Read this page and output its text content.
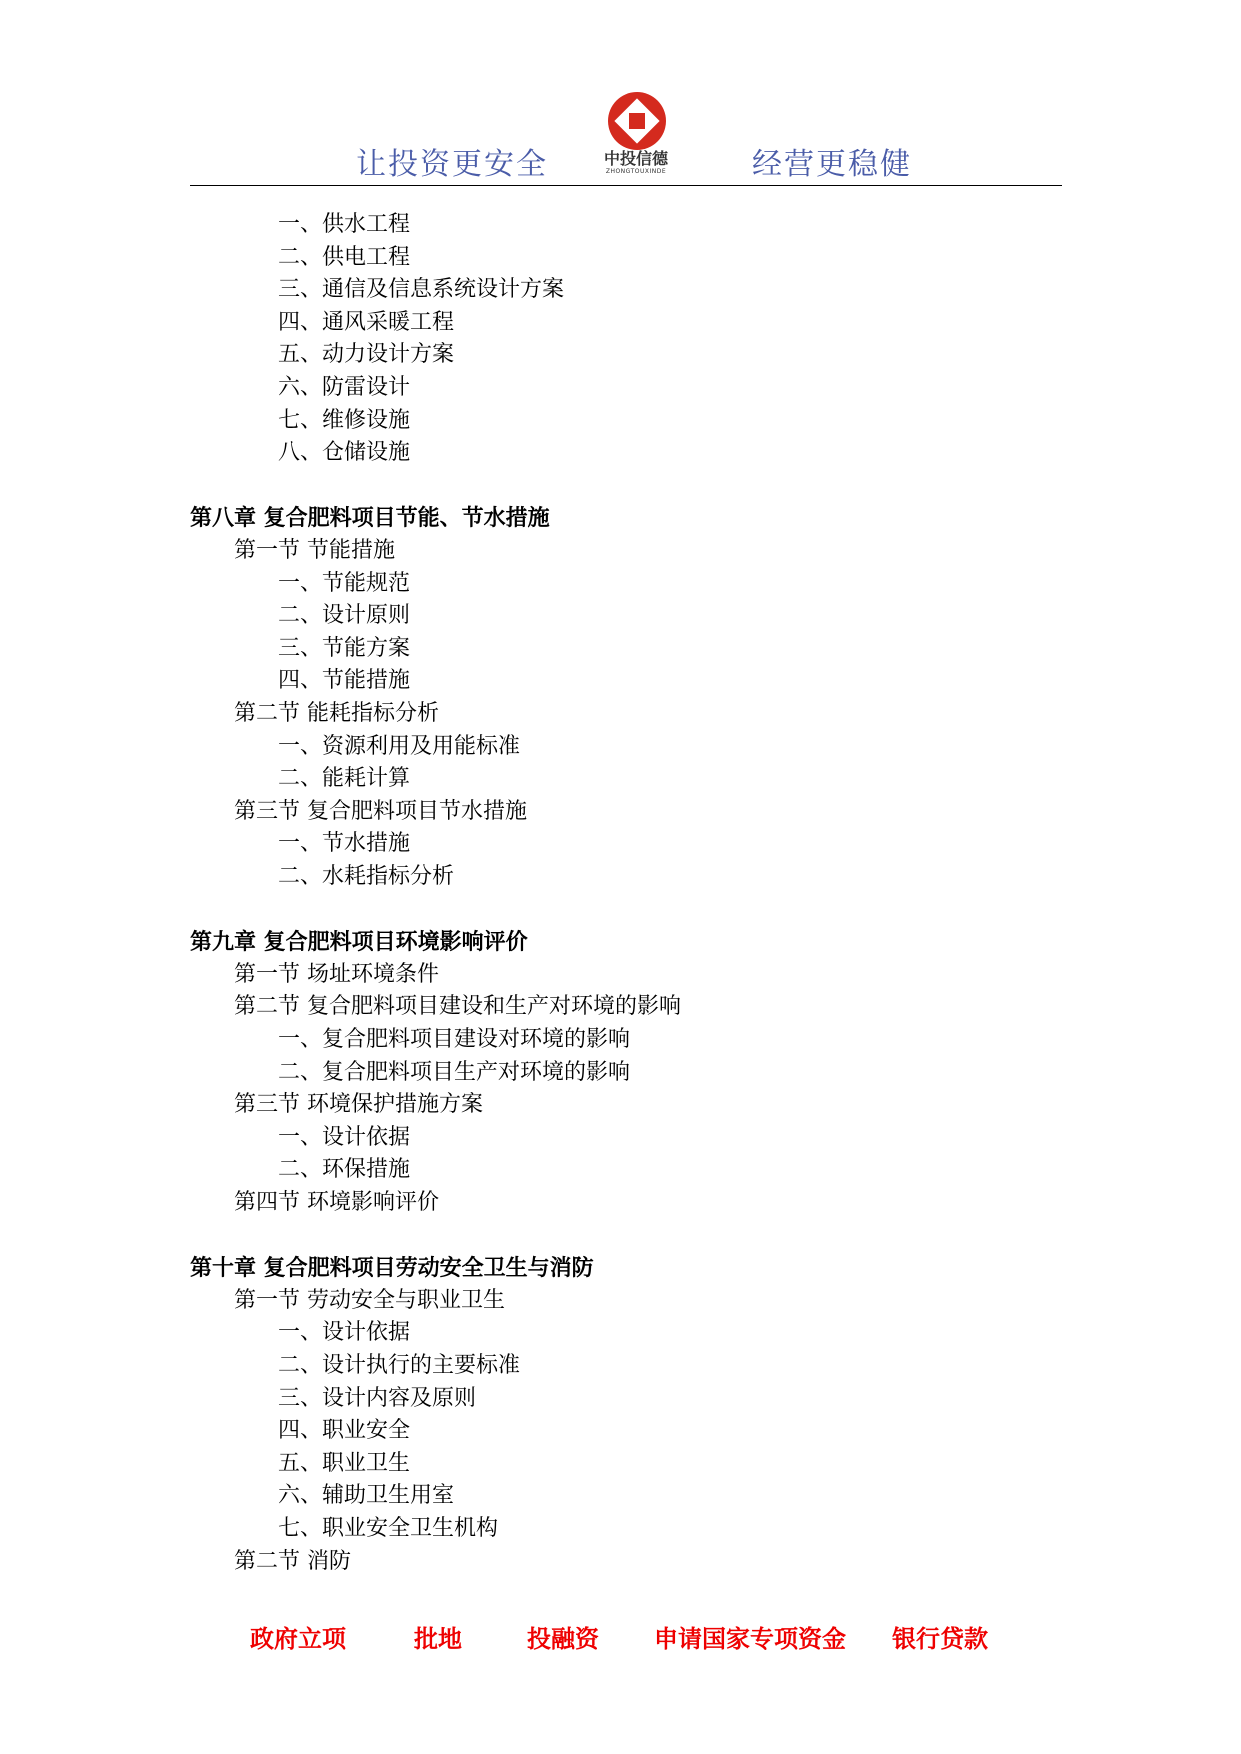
让投资更安全	中投信德
ZHONGTOUXINDE	经营更稳健
一、供水工程
二、供电工程
三、通信及信息系统设计方案
四、通风采暖工程
五、动力设计方案
六、防雷设计
七、维修设施
八、仓储设施
第八章 复合肥料项目节能、节水措施
第一节 节能措施
一、节能规范
二、设计原则
三、节能方案
四、节能措施
第二节 能耗指标分析
一、资源利用及用能标准
二、能耗计算
第三节 复合肥料项目节水措施
一、节水措施
二、水耗指标分析
第九章 复合肥料项目环境影响评价
第一节 场址环境条件
第二节 复合肥料项目建设和生产对环境的影响
一、复合肥料项目建设对环境的影响
二、复合肥料项目生产对环境的影响
第三节 环境保护措施方案
一、设计依据
二、环保措施
第四节 环境影响评价
第十章 复合肥料项目劳动安全卫生与消防
第一节 劳动安全与职业卫生
一、设计依据
二、设计执行的主要标准
三、设计内容及原则
四、职业安全
五、职业卫生
六、辅助卫生用室
七、职业安全卫生机构
第二节 消防
政府立项	批地	投融资 申请国家专项资金 银行贷款
